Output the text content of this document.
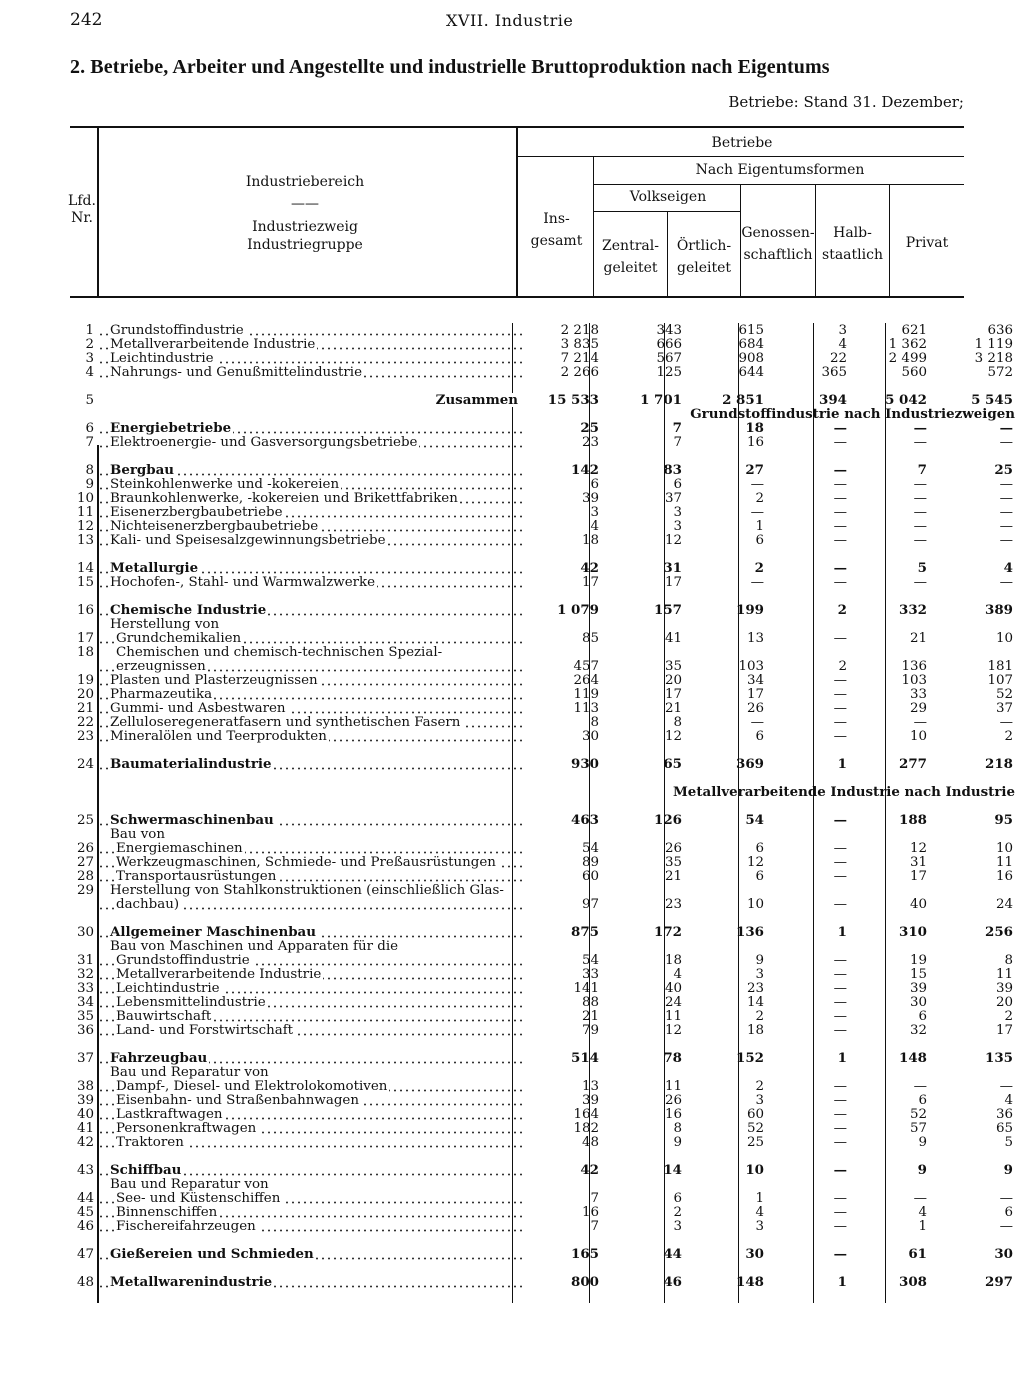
242	XVII. Industrie
2. Betriebe, Arbeiter und Angestellte und industrielle Bruttoproduktion nach Eigentums
Betriebe: Stand 31. Dezember;
Lfd. Nr.
Industriebereich
——
Industriezweig
Industriegruppe
Betriebe
Nach Eigentumsformen
Volkseigen
Ins-
gesamt	Zentral-
geleitet
Örtlich-
geleitet
Genossen-
schaftlich
Halb-
staatlich
Privat
1	Grundstoffindustrie	2 218	343	615	3	621	636
2	Metallverarbeitende Industrie	3 835	666	684	4	1 362	1 119
3	Leichtindustrie	7 214	567	908	22	2 499	3 218
4	Nahrungs- und Genußmittelindustrie	2 266	125	644	365	560	572

5	Zusammen	15 533	1 701	2 851	394	5 042	5 545
		Grundstoffindustrie nach Industriezweigen					
6	Energiebetriebe	25	7	18	—	—	—
7	Elektroenergie- und Gasversorgungsbetriebe	23	7	16	—	—	—

8	Bergbau	142	83	27	—	7	25
9	Steinkohlenwerke und -kokereien	6	6	—	—	—	—
10	Braunkohlenwerke, -kokereien und Brikettfabriken	39	37	2	—	—	—
11	Eisenerzbergbaubetriebe	3	3	—	—	—	—
12	Nichteisenerzbergbaubetriebe	4	3	1	—	—	—
13	Kali- und Speisesalzgewinnungsbetriebe	18	12	6	—	—	—

14	Metallurgie	42	31	2	—	5	4
15	Hochofen-, Stahl- und Warmwalzwerke	17	17	—	—	—	—

16	Chemische Industrie	1 079	157	199	2	332	389
	Herstellung von						
17	Grundchemikalien	85	41	13	—	21	10
18	Chemischen und chemisch-technischen Spezial-						
	erzeugnissen	457	35	103	2	136	181
19	Plasten und Plasterzeugnissen	264	20	34	—	103	107
20	Pharmazeutika	119	17	17	—	33	52
21	Gummi- und Asbestwaren	113	21	26	—	29	37
22	Zelluloseregeneratfasern und synthetischen Fasern	8	8	—	—	—	—
23	Mineralölen und Teerprodukten	30	12	6	—	10	2

24	Baumaterialindustrie	930	65	369	1	277	218

		Metallverarbeitende Industrie nach Industrie					

25	Schwermaschinenbau	463	126	54	—	188	95
	Bau von						
26	Energiemaschinen	54	26	6	—	12	10
27	Werkzeugmaschinen, Schmiede- und Preßausrüstungen	89	35	12	—	31	11
28	Transportausrüstungen	60	21	6	—	17	16
29	Herstellung von Stahlkonstruktionen (einschließlich Glas-						
	dachbau)	97	23	10	—	40	24

30	Allgemeiner Maschinenbau	875	172	136	1	310	256
	Bau von Maschinen und Apparaten für die						
31	Grundstoffindustrie	54	18	9	—	19	8
32	Metallverarbeitende Industrie	33	4	3	—	15	11
33	Leichtindustrie	141	40	23	—	39	39
34	Lebensmittelindustrie	88	24	14	—	30	20
35	Bauwirtschaft	21	11	2	—	6	2
36	Land- und Forstwirtschaft	79	12	18	—	32	17

37	Fahrzeugbau	514	78	152	1	148	135
	Bau und Reparatur von						
38	Dampf-, Diesel- und Elektrolokomotiven	13	11	2	—	—	—
39	Eisenbahn- und Straßenbahnwagen	39	26	3	—	6	4
40	Lastkraftwagen	164	16	60	—	52	36
41	Personenkraftwagen	182	8	52	—	57	65
42	Traktoren	48	9	25	—	9	5

43	Schiffbau	42	14	10	—	9	9
	Bau und Reparatur von						
44	See- und Küstenschiffen	7	6	1	—	—	—
45	Binnenschiffen	16	2	4	—	4	6
46	Fischereifahrzeugen	7	3	3	—	1	—

47	Gießereien und Schmieden	165	44	30	—	61	30

48	Metallwarenindustrie	800	46	148	1	308	297
